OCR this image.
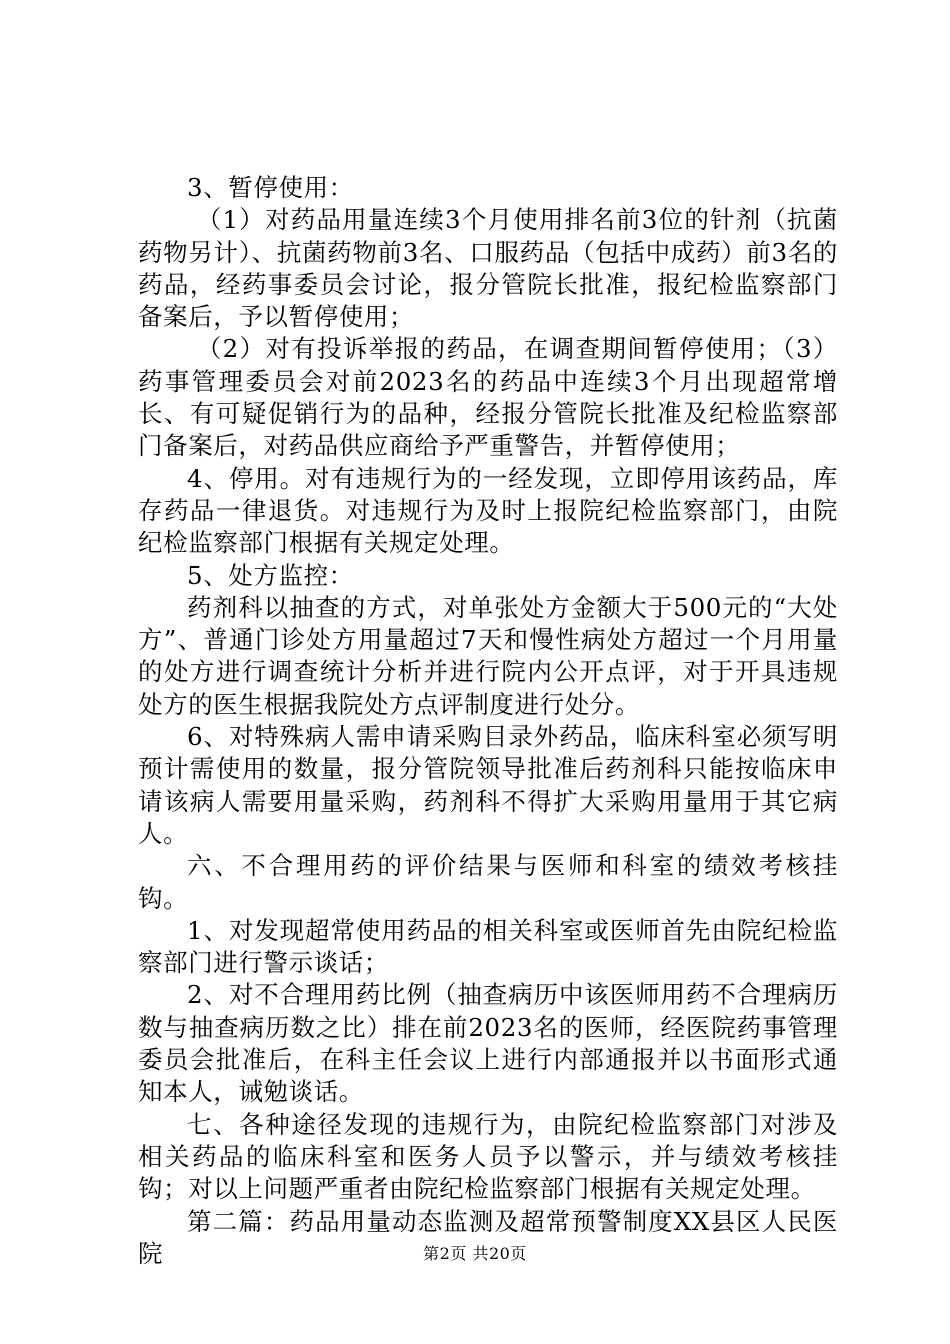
3、暂停使用：

（1）对药品用量连续3个月使用排名前3位的针剂（抗菌药物另计）、抗菌药物前3名、口服药品（包括中成药）前3名的药品，经药事委员会讨论，报分管院长批准，报纪检监察部门备案后，予以暂停使用；

（2）对有投诉举报的药品，在调查期间暂停使用；（3）药事管理委员会对前2023名的药品中连续3个月出现超常增长、有可疑促销行为的品种，经报分管院长批准及纪检监察部门备案后，对药品供应商给予严重警告，并暂停使用；

4、停用。对有违规行为的一经发现，立即停用该药品，库存药品一律退货。对违规行为及时上报院纪检监察部门，由院纪检监察部门根据有关规定处理。

5、处方监控：

药剂科以抽查的方式，对单张处方金额大于500元的“大处方”、普通门诊处方用量超过7天和慢性病处方超过一个月用量的处方进行调查统计分析并进行院内公开点评，对于开具违规处方的医生根据我院处方点评制度进行处分。

6、对特殊病人需申请采购目录外药品，临床科室必须写明预计需使用的数量，报分管院领导批准后药剂科只能按临床申请该病人需要用量采购，药剂科不得扩大采购用量用于其它病人。

六、不合理用药的评价结果与医师和科室的绩效考核挂钩。

1、对发现超常使用药品的相关科室或医师首先由院纪检监察部门进行警示谈话；

2、对不合理用药比例（抽查病历中该医师用药不合理病历数与抽查病历数之比）排在前2023名的医师，经医院药事管理委员会批准后，在科主任会议上进行内部通报并以书面形式通知本人，诫勉谈话。

七、各种途径发现的违规行为，由院纪检监察部门对涉及相关药品的临床科室和医务人员予以警示，并与绩效考核挂钩；对以上问题严重者由院纪检监察部门根据有关规定处理。

第二篇：药品用量动态监测及超常预警制度XX县区人民医院	第2页 共20页
